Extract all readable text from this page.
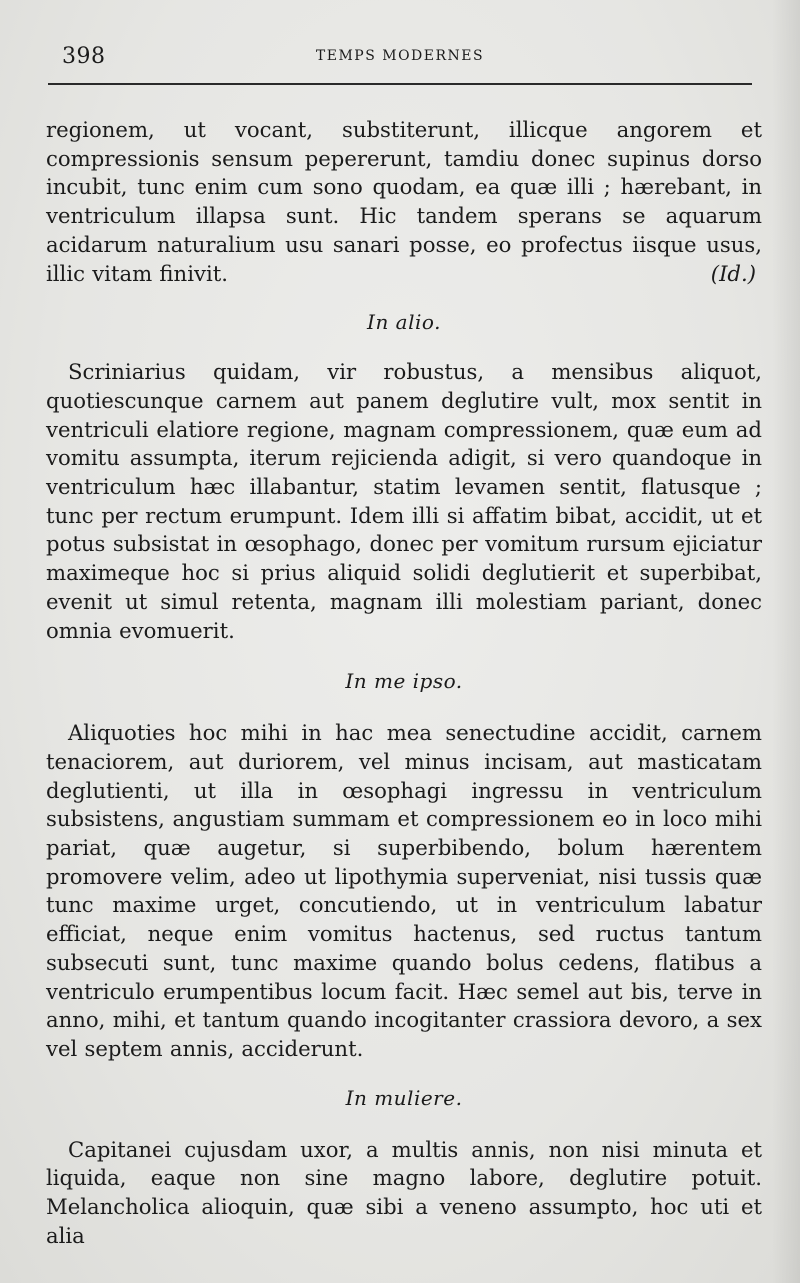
398	TEMPS MODERNES

regionem, ut vocant, substiterunt, illicque angorem et compressionis sensum pepererunt, tamdiu donec supinus dorso incubit, tunc enim cum sono quodam, ea quæ illi ; hærebant, in ventriculum illapsa sunt. Hic tandem sperans se aquarum acidarum naturalium usu sanari posse, eo profectus iisque usus, illic vitam finivit.	(Id.)

In alio.

Scriniarius quidam, vir robustus, a mensibus aliquot, quotiescunque carnem aut panem deglutire vult, mox sentit in ventriculi elatiore regione, magnam compressionem, quæ eum ad vomitu assumpta, iterum rejicienda adigit, si vero quandoque in ventriculum hæc illabantur, statim levamen sentit, flatusque ; tunc per rectum erumpunt. Idem illi si affatim bibat, accidit, ut et potus subsistat in œsophago, donec per vomitum rursum ejiciatur maximeque hoc si prius aliquid solidi deglutierit et superbibat, evenit ut simul retenta, magnam illi molestiam pariant, donec omnia evomuerit.

In me ipso.

Aliquoties hoc mihi in hac mea senectudine accidit, carnem tenaciorem, aut duriorem, vel minus incisam, aut masticatam deglutienti, ut illa in œsophagi ingressu in ventriculum subsistens, angustiam summam et compressionem eo in loco mihi pariat, quæ augetur, si superbibendo, bolum hærentem promovere velim, adeo ut lipothymia superveniat, nisi tussis quæ tunc maxime urget, concutiendo, ut in ventriculum labatur efficiat, neque enim vomitus hactenus, sed ructus tantum subsecuti sunt, tunc maxime quando bolus cedens, flatibus a ventriculo erumpentibus locum facit. Hæc semel aut bis, terve in anno, mihi, et tantum quando incogitanter crassiora devoro, a sex vel septem annis, acciderunt.

In muliere.

Capitanei cujusdam uxor, a multis annis, non nisi minuta et liquida, eaque non sine magno labore, deglutire potuit. Melancholica alioquin, quæ sibi a veneno assumpto, hoc uti et alia
